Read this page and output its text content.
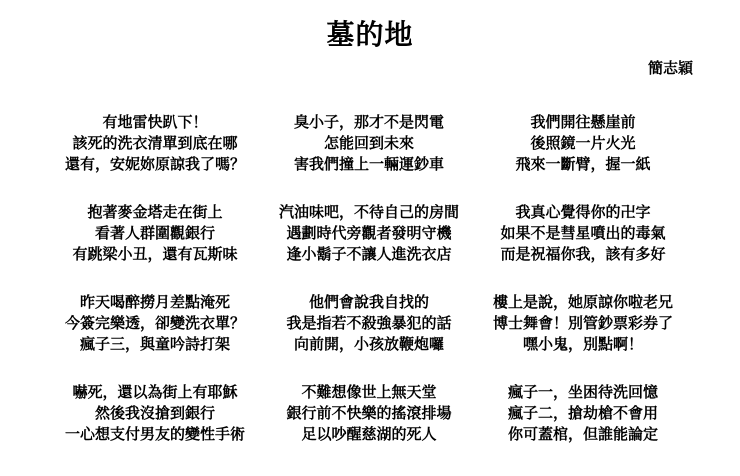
墓的地
簡志穎
有地雷快趴下！
該死的洗衣清單到底在哪
還有，安妮妳原諒我了嗎？
抱著麥金塔走在街上
看著人群圍觀銀行
有跳梁小丑，還有瓦斯味
昨天喝醉撈月差點淹死
今簽完樂透，卻變洗衣單？
瘋子三，與童吟詩打架
嚇死，還以為街上有耶穌
然後我沒搶到銀行
一心想支付男友的變性手術
臭小子，那才不是閃電
怎能回到未來
害我們撞上一輛運鈔車
汽油味吧，不待自己的房間
遇劃時代旁觀者發明守機
逢小鬍子不讓人進洗衣店
他們會說我自找的
我是指若不殺強暴犯的話
向前開，小孩放鞭炮囉
不難想像世上無天堂
銀行前不快樂的搖滾排場
足以吵醒慈湖的死人
我們開往懸崖前
後照鏡一片火光
飛來一斷臂，握一紙
我真心覺得你的卍字
如果不是彗星噴出的毒氣
而是祝福你我，該有多好
樓上是說，她原諒你啦老兄
博士舞會！別管鈔票彩券了
嘿小鬼，別點啊！
瘋子一，坐困待洗回憶
瘋子二，搶劫槍不會用
你可蓋棺，但誰能論定
